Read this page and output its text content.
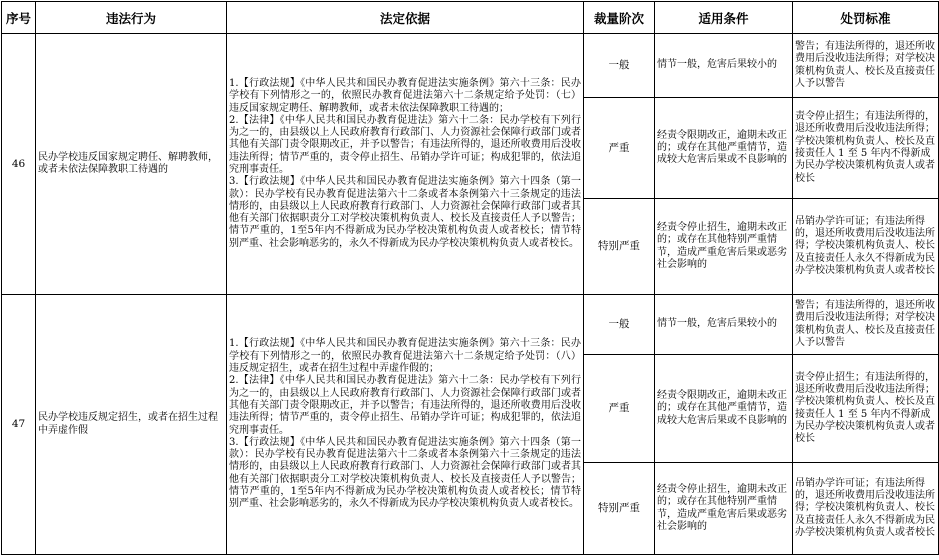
序号	违法行为	法定依据	裁量阶次	适用条件	处罚标准
46	民办学校违反国家规定聘任、解聘教师，或者未依法保障教职工待遇的	1.【行政法规】《中华人民共和国民办教育促进法实施条例》第六十三条：民办学校有下列情形之一的，依照民办教育促进法第六十二条规定给予处罚：（七）违反国家规定聘任、解聘教师，或者未依法保障教职工待遇的；

2.【法律】《中华人民共和国民办教育促进法》第六十二条：民办学校有下列行为之一的，由县级以上人民政府教育行政部门、人力资源社会保障行政部门或者其他有关部门责令限期改正，并予以警告；有违法所得的，退还所收费用后没收违法所得；情节严重的，责令停止招生、吊销办学许可证；构成犯罪的，依法追究刑事责任。

3.【行政法规】《中华人民共和国民办教育促进法实施条例》第六十四条（第一款）：民办学校有民办教育促进法第六十二条或者本条例第六十三条规定的违法情形的，由县级以上人民政府教育行政部门、人力资源社会保障行政部门或者其他有关部门依据职责分工对学校决策机构负责人、校长及直接责任人予以警告；情节严重的，1至5年内不得新成为民办学校决策机构负责人或者校长；情节特别严重、社会影响恶劣的，永久不得新成为民办学校决策机构负责人或者校长。	一般	情节一般，危害后果较小的	警告；有违法所得的，退还所收费用后没收违法所得；对学校决策机构负责人、校长及直接责任人予以警告
			严重	经责令限期改正，逾期未改正的；或存在其他严重情节，造成较大危害后果或不良影响的	责令停止招生；有违法所得的，退还所收费用后没收违法所得；学校决策机构负责人、校长及直接责任人 1 至 5 年内不得新成为民办学校决策机构负责人或者校长
			特别严重	经责令停止招生，逾期未改正的；或存在其他特别严重情节，造成严重危害后果或恶劣社会影响的	吊销办学许可证；有违法所得的，退还所收费用后没收违法所得；学校决策机构负责人、校长及直接责任人永久不得新成为民办学校决策机构负责人或者校长
47	民办学校违反规定招生，或者在招生过程中弄虚作假	1.【行政法规】《中华人民共和国民办教育促进法实施条例》第六十三条：民办学校有下列情形之一的，依照民办教育促进法第六十二条规定给予处罚：（八）违反规定招生，或者在招生过程中弄虚作假的；

2.【法律】《中华人民共和国民办教育促进法》第六十二条：民办学校有下列行为之一的，由县级以上人民政府教育行政部门、人力资源社会保障行政部门或者其他有关部门责令限期改正，并予以警告；有违法所得的，退还所收费用后没收违法所得；情节严重的，责令停止招生、吊销办学许可证；构成犯罪的，依法追究刑事责任。

3.【行政法规】《中华人民共和国民办教育促进法实施条例》第六十四条（第一款）：民办学校有民办教育促进法第六十二条或者本条例第六十三条规定的违法情形的，由县级以上人民政府教育行政部门、人力资源社会保障行政部门或者其他有关部门依据职责分工对学校决策机构负责人、校长及直接责任人予以警告；情节严重的，1至5年内不得新成为民办学校决策机构负责人或者校长；情节特别严重、社会影响恶劣的，永久不得新成为民办学校决策机构负责人或者校长。	一般	情节一般，危害后果较小的	警告；有违法所得的，退还所收费用后没收违法所得；对学校决策机构负责人、校长及直接责任人予以警告
			严重	经责令限期改正，逾期未改正的；或存在其他严重情节，造成较大危害后果或不良影响的	责令停止招生；有违法所得的，退还所收费用后没收违法所得；学校决策机构负责人、校长及直接责任人 1 至 5 年内不得新成为民办学校决策机构负责人或者校长
			特别严重	经责令停止招生，逾期未改正的；或存在其他特别严重情节，造成严重危害后果或恶劣社会影响的	吊销办学许可证；有违法所得的，退还所收费用后没收违法所得；学校决策机构负责人、校长及直接责任人永久不得新成为民办学校决策机构负责人或者校长
